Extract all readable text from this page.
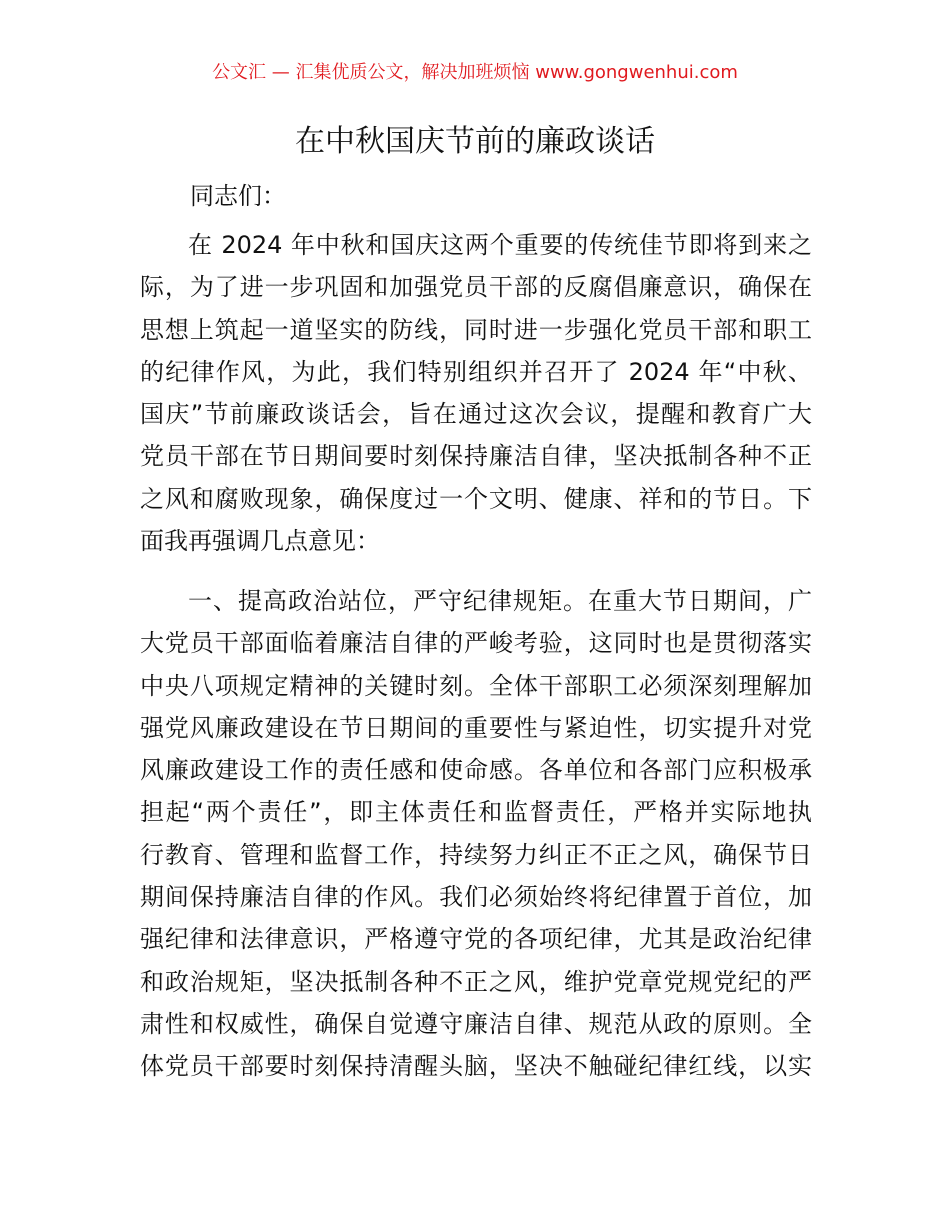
公文汇 — 汇集优质公文，解决加班烦恼 www.gongwenhui.com
在中秋国庆节前的廉政谈话
同志们：
在 2024 年中秋和国庆这两个重要的传统佳节即将到来之
际，为了进一步巩固和加强党员干部的反腐倡廉意识，确保在
思想上筑起一道坚实的防线，同时进一步强化党员干部和职工
的纪律作风，为此，我们特别组织并召开了 2024 年“中秋、
国庆”节前廉政谈话会，旨在通过这次会议，提醒和教育广大
党员干部在节日期间要时刻保持廉洁自律，坚决抵制各种不正
之风和腐败现象，确保度过一个文明、健康、祥和的节日。下
面我再强调几点意见：
一、提高政治站位，严守纪律规矩。在重大节日期间，广
大党员干部面临着廉洁自律的严峻考验，这同时也是贯彻落实
中央八项规定精神的关键时刻。全体干部职工必须深刻理解加
强党风廉政建设在节日期间的重要性与紧迫性，切实提升对党
风廉政建设工作的责任感和使命感。各单位和各部门应积极承
担起“两个责任”，即主体责任和监督责任，严格并实际地执
行教育、管理和监督工作，持续努力纠正不正之风，确保节日
期间保持廉洁自律的作风。我们必须始终将纪律置于首位，加
强纪律和法律意识，严格遵守党的各项纪律，尤其是政治纪律
和政治规矩，坚决抵制各种不正之风，维护党章党规党纪的严
肃性和权威性，确保自觉遵守廉洁自律、规范从政的原则。全
体党员干部要时刻保持清醒头脑，坚决不触碰纪律红线，以实
